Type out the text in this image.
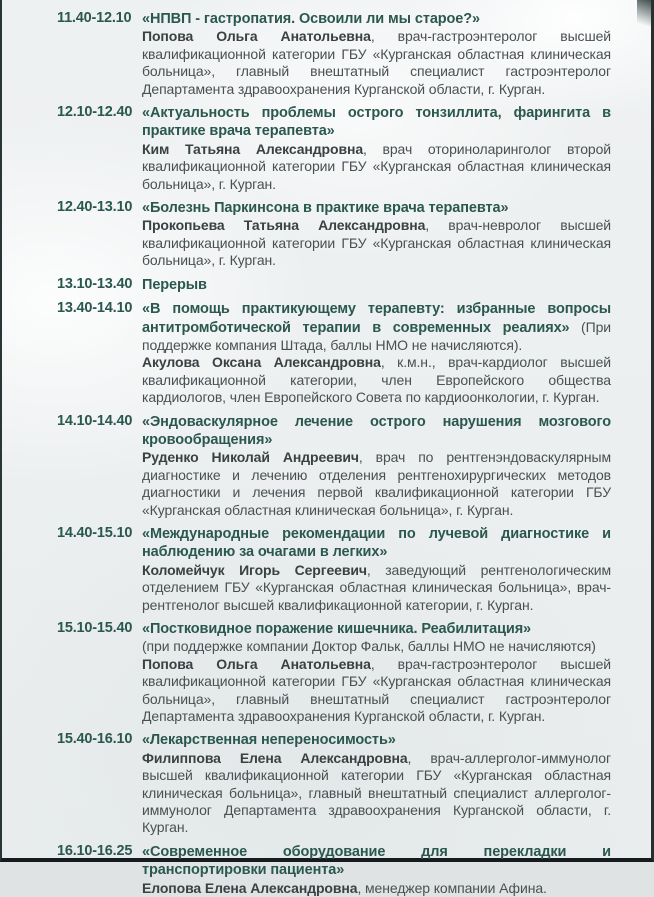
11.40-12.10 «НПВП - гастропатия. Освоили ли мы старое?»

Попова Ольга Анатольевна, врач-гастроэнтеролог высшей квалификационной категории ГБУ «Курганская областная клиническая больница», главный внештатный специалист гастроэнтеролог Департамента здравоохранения Курганской области, г. Курган.

12.10-12.40 «Актуальность проблемы острого тонзиллита, фарингита в практике врача терапевта»

Ким Татьяна Александровна, врач оториноларинголог второй квалификационной категории ГБУ «Курганская областная клиническая больница», г. Курган.

12.40-13.10 «Болезнь Паркинсона в практике врача терапевта»

Прокопьева Татьяна Александровна, врач-невролог высшей квалификационной категории ГБУ «Курганская областная клиническая больница», г. Курган.

13.10-13.40 Перерыв

13.40-14.10 «В помощь практикующему терапевту: избранные вопросы антитромботической терапии в современных реалиях» (При поддержке компания Штада, баллы НМО не начисляются).

Акулова Оксана Александровна, к.м.н., врач-кардиолог высшей квалификационной категории, член Европейского общества кардиологов, член Европейского Совета по кардиоонкологии, г. Курган.

14.10-14.40 «Эндоваскулярное лечение острого нарушения мозгового кровообращения»

Руденко Николай Андреевич, врач по рентгенэндоваскулярным диагностике и лечению отделения рентгенохирургических методов диагностики и лечения первой квалификационной категории ГБУ «Курганская областная клиническая больница», г. Курган.

14.40-15.10 «Международные рекомендации по лучевой диагностике и наблюдению за очагами в легких»

Коломейчук Игорь Сергеевич, заведующий рентгенологическим отделением ГБУ «Курганская областная клиническая больница», врач-рентгенолог высшей квалификационной категории, г. Курган.

15.10-15.40 «Постковидное поражение кишечника. Реабилитация»

(при поддержке компании Доктор Фальк, баллы НМО не начисляются)

Попова Ольга Анатольевна, врач-гастроэнтеролог высшей квалификационной категории ГБУ «Курганская областная клиническая больница», главный внештатный специалист гастроэнтеролог Департамента здравоохранения Курганской области, г. Курган.

15.40-16.10 «Лекарственная непереносимость»

Филиппова Елена Александровна, врач-аллерголог-иммунолог высшей квалификационной категории ГБУ «Курганская областная клиническая больница», главный внештатный специалист аллерголог-иммунолог Департамента здравоохранения Курганской области, г. Курган.

16.10-16.25 «Современное оборудование для перекладки и транспортировки пациента»

Елопова Елена Александровна, менеджер компании Афина.
